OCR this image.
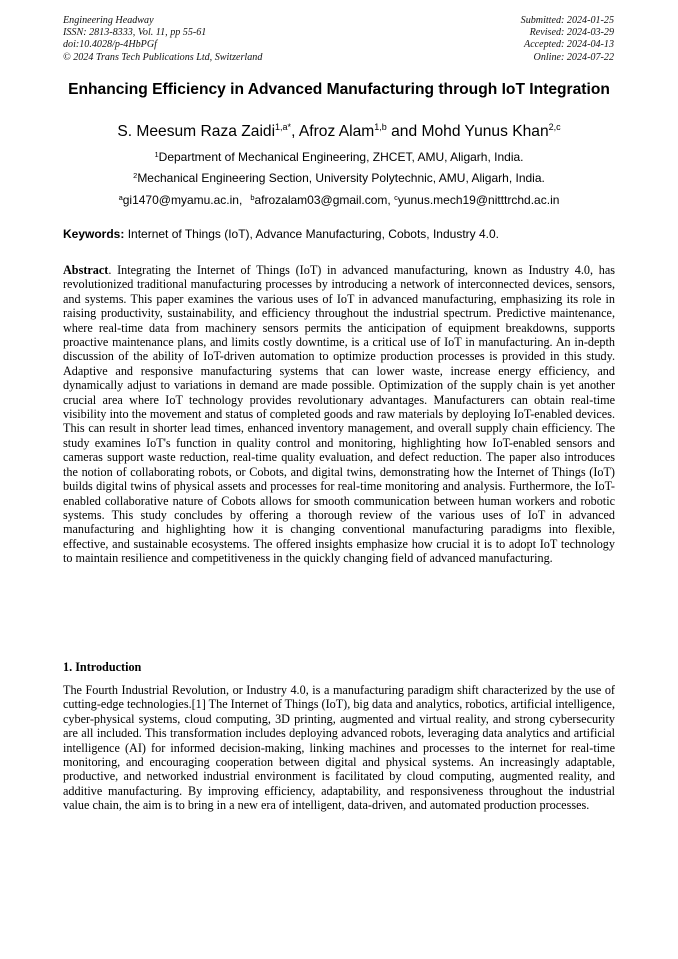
Engineering Headway
ISSN: 2813-8333, Vol. 11, pp 55-61
doi:10.4028/p-4HbPGf
© 2024 Trans Tech Publications Ltd, Switzerland
Submitted: 2024-01-25
Revised: 2024-03-29
Accepted: 2024-04-13
Online: 2024-07-22
Enhancing Efficiency in Advanced Manufacturing through IoT Integration
S. Meesum Raza Zaidi$^{1,a*}$, Afroz Alam$^{1,b}$ and Mohd Yunus Khan$^{2,c}$
$^1$Department of Mechanical Engineering, ZHCET, AMU, Aligarh, India.
$^2$Mechanical Engineering Section, University Polytechnic, AMU, Aligarh, India.
$^a$gi1470@myamu.ac.in, $^b$afrozalam03@gmail.com, $^c$yunus.mech19@nitttrchd.ac.in
Keywords: Internet of Things (IoT), Advance Manufacturing, Cobots, Industry 4.0.
Abstract. Integrating the Internet of Things (IoT) in advanced manufacturing, known as Industry 4.0, has revolutionized traditional manufacturing processes by introducing a network of interconnected devices, sensors, and systems. This paper examines the various uses of IoT in advanced manufacturing, emphasizing its role in raising productivity, sustainability, and efficiency throughout the industrial spectrum. Predictive maintenance, where real-time data from machinery sensors permits the anticipation of equipment breakdowns, supports proactive maintenance plans, and limits costly downtime, is a critical use of IoT in manufacturing. An in-depth discussion of the ability of IoT-driven automation to optimize production processes is provided in this study. Adaptive and responsive manufacturing systems that can lower waste, increase energy efficiency, and dynamically adjust to variations in demand are made possible. Optimization of the supply chain is yet another crucial area where IoT technology provides revolutionary advantages. Manufacturers can obtain real-time visibility into the movement and status of completed goods and raw materials by deploying IoT-enabled devices. This can result in shorter lead times, enhanced inventory management, and overall supply chain efficiency. The study examines IoT's function in quality control and monitoring, highlighting how IoT-enabled sensors and cameras support waste reduction, real-time quality evaluation, and defect reduction. The paper also introduces the notion of collaborating robots, or Cobots, and digital twins, demonstrating how the Internet of Things (IoT) builds digital twins of physical assets and processes for real-time monitoring and analysis. Furthermore, the IoT-enabled collaborative nature of Cobots allows for smooth communication between human workers and robotic systems. This study concludes by offering a thorough review of the various uses of IoT in advanced manufacturing and highlighting how it is changing conventional manufacturing paradigms into flexible, effective, and sustainable ecosystems. The offered insights emphasize how crucial it is to adopt IoT technology to maintain resilience and competitiveness in the quickly changing field of advanced manufacturing.
1. Introduction
The Fourth Industrial Revolution, or Industry 4.0, is a manufacturing paradigm shift characterized by the use of cutting-edge technologies.[1] The Internet of Things (IoT), big data and analytics, robotics, artificial intelligence, cyber-physical systems, cloud computing, 3D printing, augmented and virtual reality, and strong cybersecurity are all included. This transformation includes deploying advanced robots, leveraging data analytics and artificial intelligence (AI) for informed decision-making, linking machines and processes to the internet for real-time monitoring, and encouraging cooperation between digital and physical systems. An increasingly adaptable, productive, and networked industrial environment is facilitated by cloud computing, augmented reality, and additive manufacturing. By improving efficiency, adaptability, and responsiveness throughout the industrial value chain, the aim is to bring in a new era of intelligent, data-driven, and automated production processes.
